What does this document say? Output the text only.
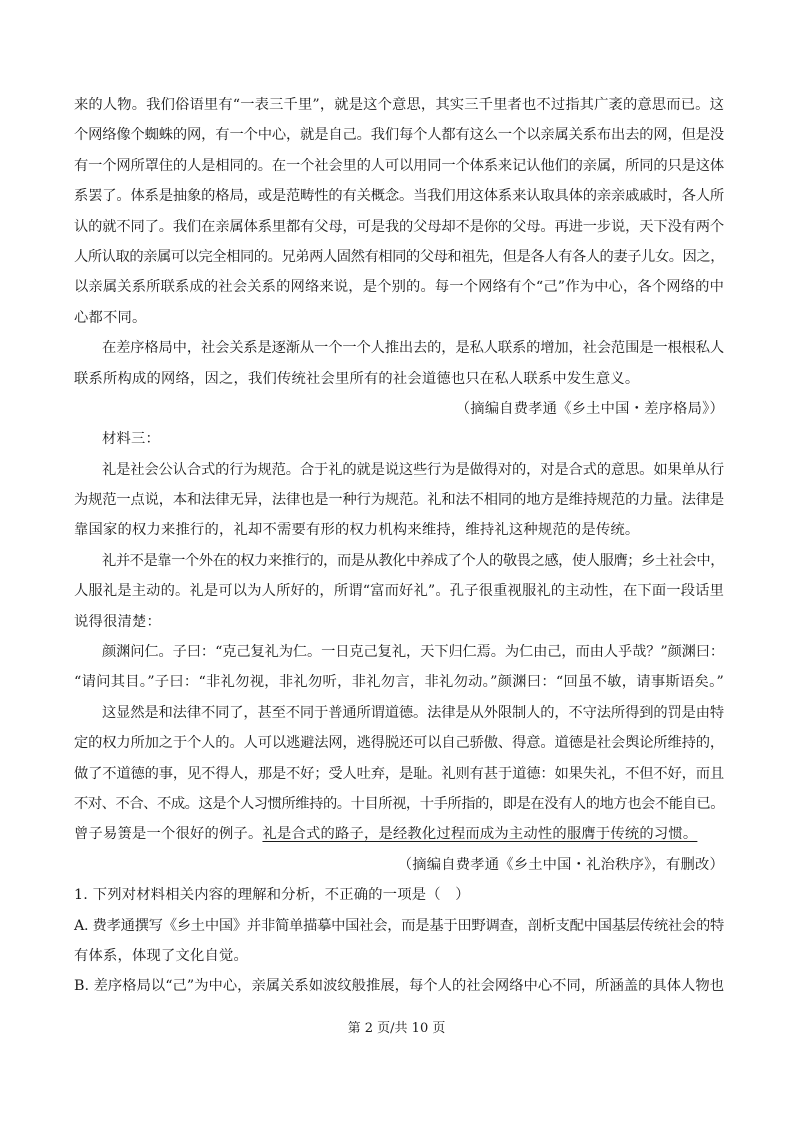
来的人物。我们俗语里有“一表三千里”，就是这个意思，其实三千里者也不过指其广袤的意思而已。这
个网络像个蜘蛛的网，有一个中心，就是自己。我们每个人都有这么一个以亲属关系布出去的网，但是没
有一个网所罩住的人是相同的。在一个社会里的人可以用同一个体系来记认他们的亲属，所同的只是这体
系罢了。体系是抽象的格局，或是范畴性的有关概念。当我们用这体系来认取具体的亲亲戚戚时，各人所
认的就不同了。我们在亲属体系里都有父母，可是我的父母却不是你的父母。再进一步说，天下没有两个
人所认取的亲属可以完全相同的。兄弟两人固然有相同的父母和祖先，但是各人有各人的妻子儿女。因之，
以亲属关系所联系成的社会关系的网络来说，是个别的。每一个网络有个“己”作为中心，各个网络的中
心都不同。
在差序格局中，社会关系是逐渐从一个一个人推出去的，是私人联系的增加，社会范围是一根根私人
联系所构成的网络，因之，我们传统社会里所有的社会道德也只在私人联系中发生意义。
（摘编自费孝通《乡土中国・差序格局》）
材料三：
礼是社会公认合式的行为规范。合于礼的就是说这些行为是做得对的，对是合式的意思。如果单从行
为规范一点说，本和法律无异，法律也是一种行为规范。礼和法不相同的地方是维持规范的力量。法律是
靠国家的权力来推行的，礼却不需要有形的权力机构来维持，维持礼这种规范的是传统。
礼并不是靠一个外在的权力来推行的，而是从教化中养成了个人的敬畏之感，使人服膺；乡土社会中，
人服礼是主动的。礼是可以为人所好的，所谓“富而好礼”。孔子很重视服礼的主动性，在下面一段话里
说得很清楚：
颜渊问仁。子曰：“克己复礼为仁。一日克己复礼，天下归仁焉。为仁由己，而由人乎哉？”颜渊曰：
“请问其目。”子曰：“非礼勿视，非礼勿听，非礼勿言，非礼勿动。”颜渊曰：“回虽不敏，请事斯语矣。”
这显然是和法律不同了，甚至不同于普通所谓道德。法律是从外限制人的，不守法所得到的罚是由特
定的权力所加之于个人的。人可以逃避法网，逃得脱还可以自己骄傲、得意。道德是社会舆论所维持的，
做了不道德的事，见不得人，那是不好；受人吐弃，是耻。礼则有甚于道德：如果失礼，不但不好，而且
不对、不合、不成。这是个人习惯所维持的。十目所视，十手所指的，即是在没有人的地方也会不能自已。
曾子易箦是一个很好的例子。礼是合式的路子，是经教化过程而成为主动性的服膺于传统的习惯。
（摘编自费孝通《乡土中国・礼治秩序》，有删改）
1. 下列对材料相关内容的理解和分析，不正确的一项是（　）
A. 费孝通撰写《乡土中国》并非简单描摹中国社会，而是基于田野调查，剖析支配中国基层传统社会的特
有体系，体现了文化自觉。
B. 差序格局以“己”为中心，亲属关系如波纹般推展，每个人的社会网络中心不同，所涵盖的具体人物也
第 2 页/共 10 页
